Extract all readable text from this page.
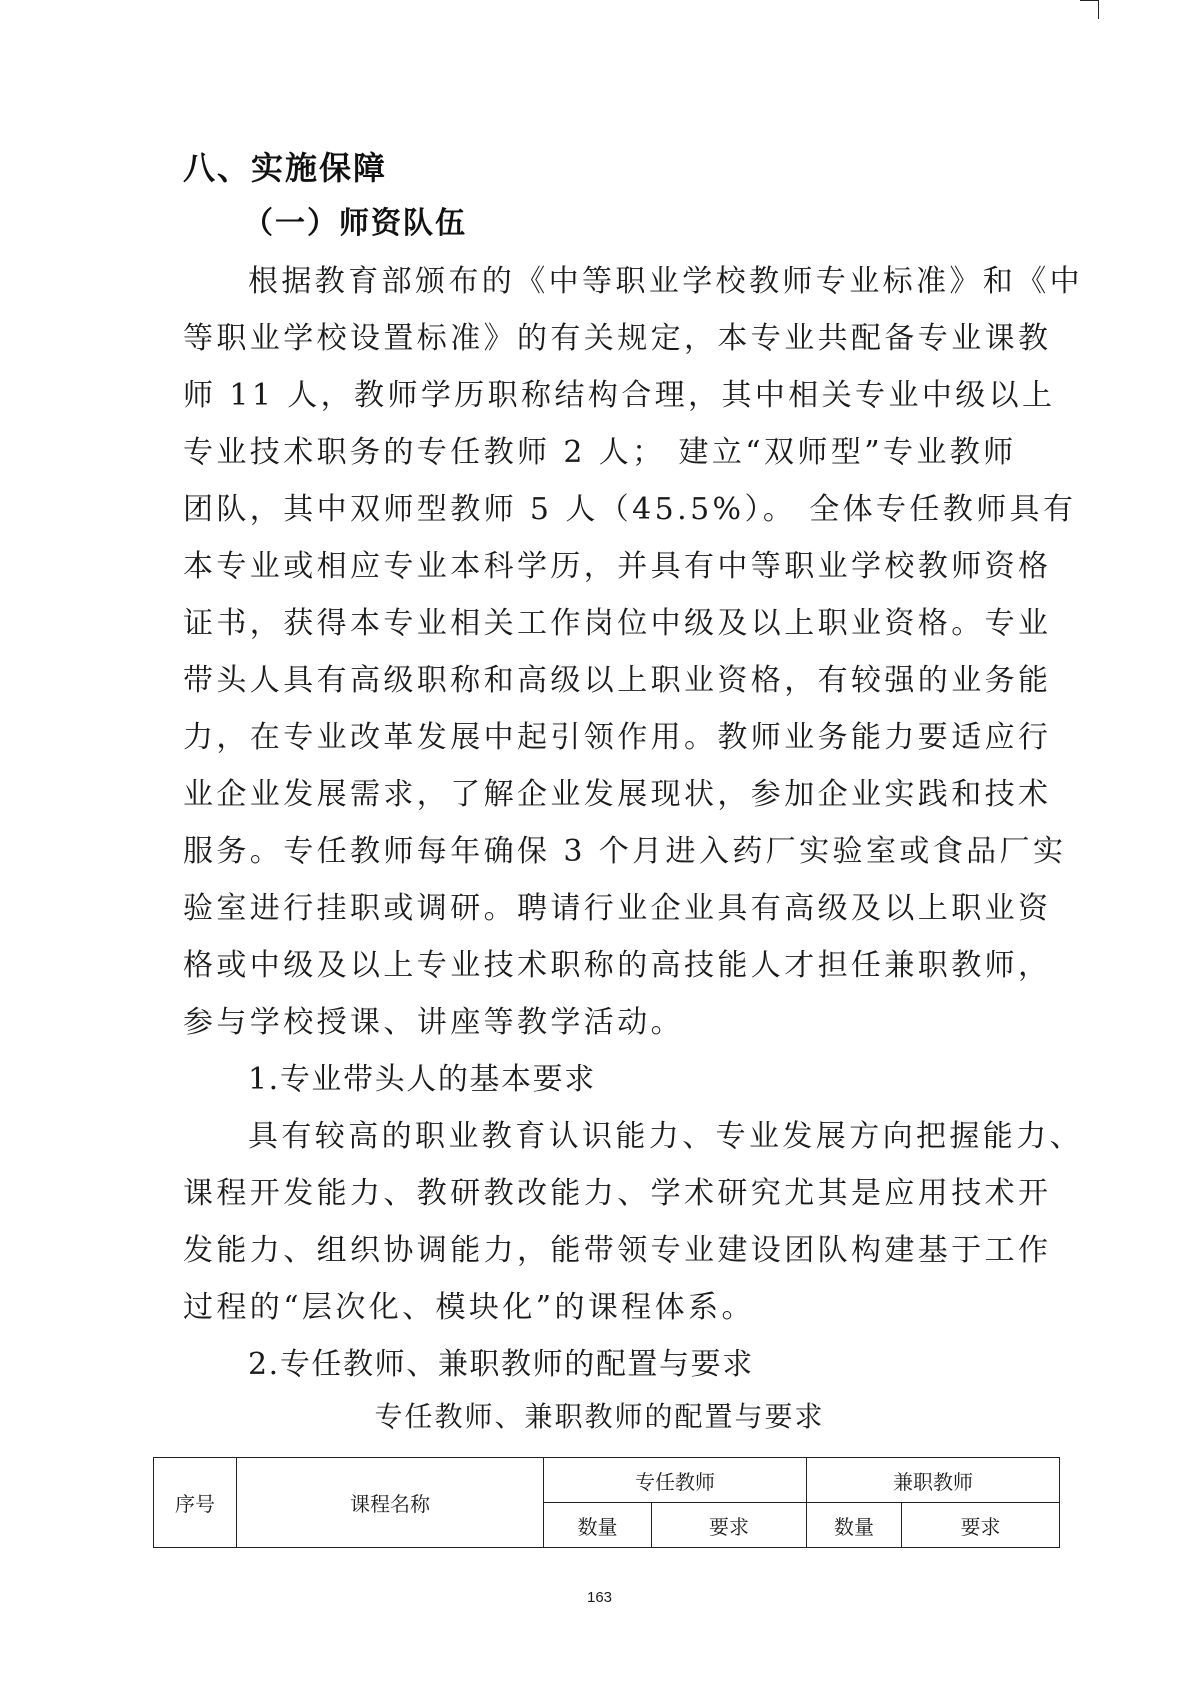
八、实施保障
（一）师资队伍
根据教育部颁布的《中等职业学校教师专业标准》和《中
等职业学校设置标准》的有关规定，本专业共配备专业课教
师 11 人，教师学历职称结构合理，其中相关专业中级以上
专业技术职务的专任教师 2 人； 建立“双师型”专业教师
团队，其中双师型教师 5 人（45.5%）。 全体专任教师具有
本专业或相应专业本科学历，并具有中等职业学校教师资格
证书，获得本专业相关工作岗位中级及以上职业资格。专业
带头人具有高级职称和高级以上职业资格，有较强的业务能
力，在专业改革发展中起引领作用。教师业务能力要适应行
业企业发展需求，了解企业发展现状，参加企业实践和技术
服务。专任教师每年确保 3 个月进入药厂实验室或食品厂实
验室进行挂职或调研。聘请行业企业具有高级及以上职业资
格或中级及以上专业技术职称的高技能人才担任兼职教师，
参与学校授课、讲座等教学活动。
1.专业带头人的基本要求
具有较高的职业教育认识能力、专业发展方向把握能力、
课程开发能力、教研教改能力、学术研究尤其是应用技术开
发能力、组织协调能力，能带领专业建设团队构建基于工作
过程的“层次化、模块化”的课程体系。
2.专任教师、兼职教师的配置与要求
专任教师、兼职教师的配置与要求
序号	课程名称	专任教师		兼职教师	
		数量	要求	数量	要求
163
